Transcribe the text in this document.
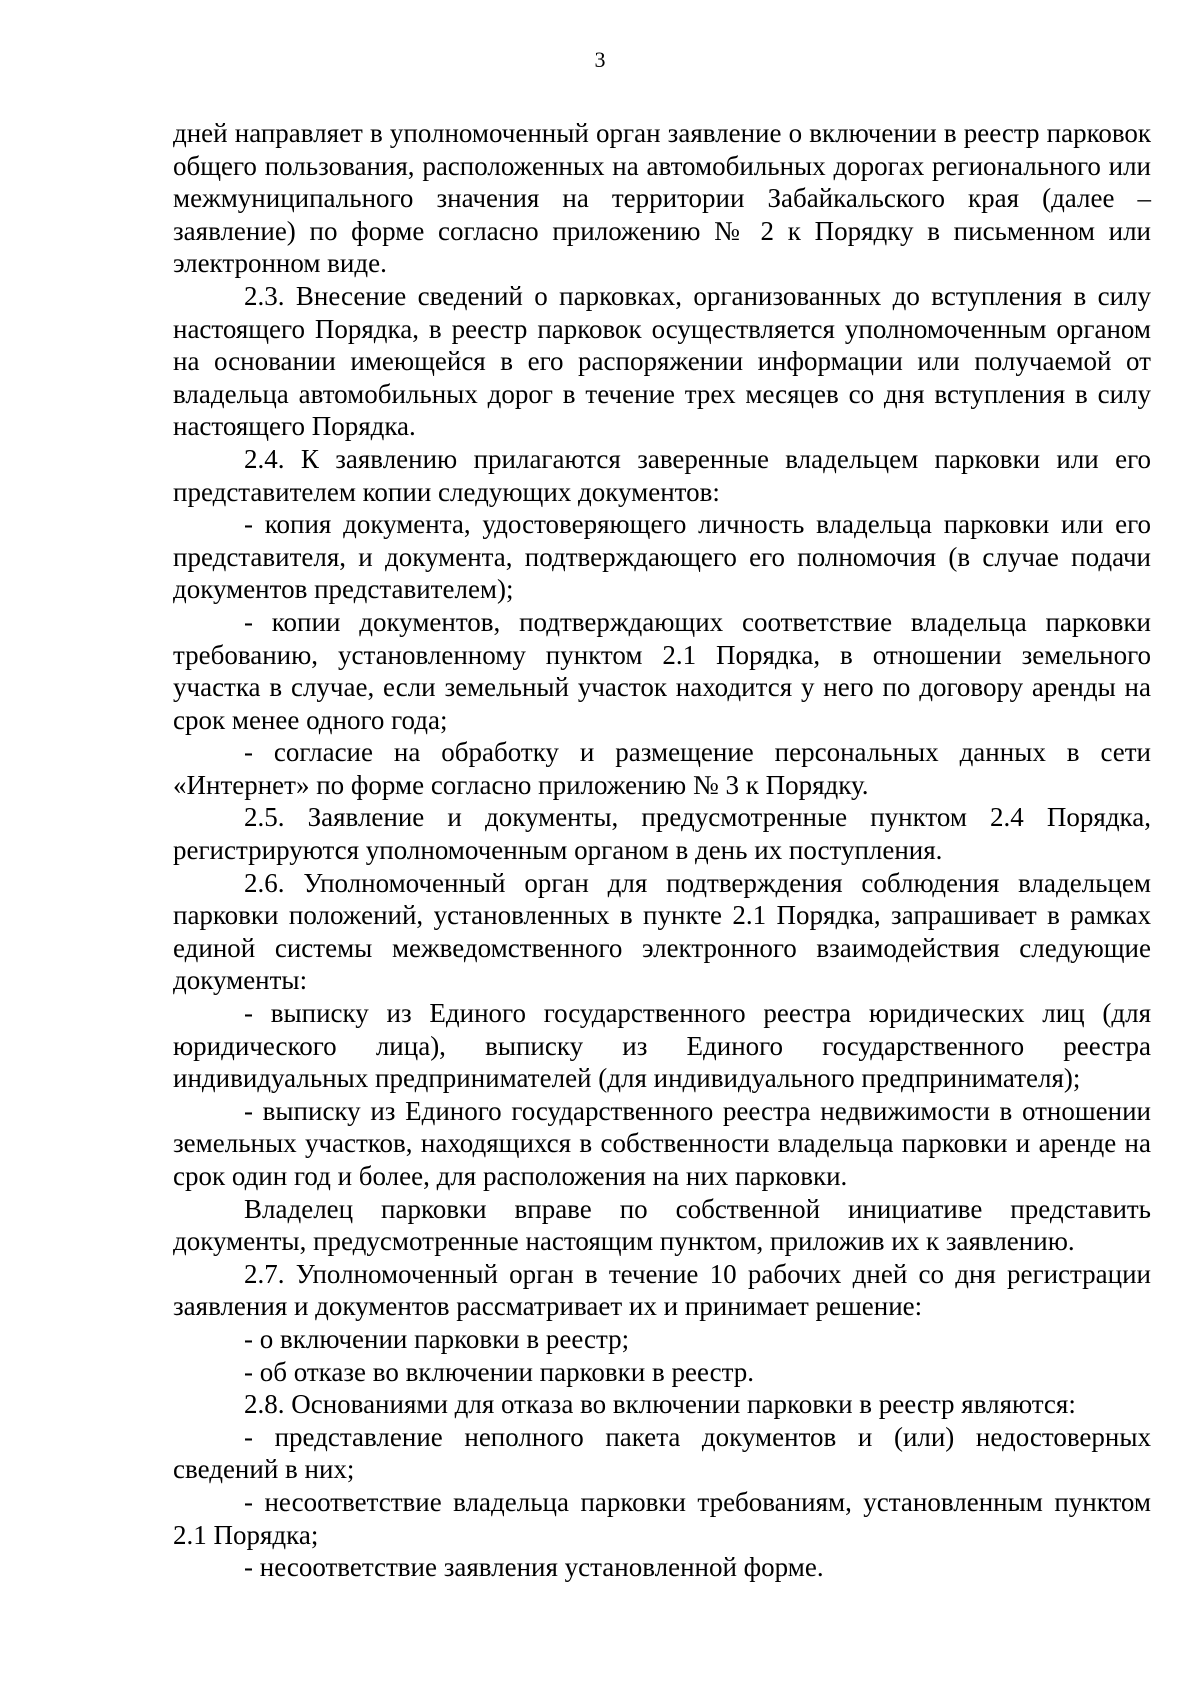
3

дней направляет в уполномоченный орган заявление о включении в реестр парковок общего пользования, расположенных на автомобильных дорогах регионального или межмуниципального значения на территории Забайкальского края (далее – заявление) по форме согласно приложению № 2 к Порядку в письменном или электронном виде.

2.3. Внесение сведений о парковках, организованных до вступления в силу настоящего Порядка, в реестр парковок осуществляется уполномоченным органом на основании имеющейся в его распоряжении информации или получаемой от владельца автомобильных дорог в течение трех месяцев со дня вступления в силу настоящего Порядка.

2.4. К заявлению прилагаются заверенные владельцем парковки или его представителем копии следующих документов:

- копия документа, удостоверяющего личность владельца парковки или его представителя, и документа, подтверждающего его полномочия (в случае подачи документов представителем);

- копии документов, подтверждающих соответствие владельца парковки требованию, установленному пунктом 2.1 Порядка, в отношении земельного участка в случае, если земельный участок находится у него по договору аренды на срок менее одного года;

- согласие на обработку и размещение персональных данных в сети «Интернет» по форме согласно приложению № 3 к Порядку.

2.5. Заявление и документы, предусмотренные пунктом 2.4 Порядка, регистрируются уполномоченным органом в день их поступления.

2.6. Уполномоченный орган для подтверждения соблюдения владельцем парковки положений, установленных в пункте 2.1 Порядка, запрашивает в рамках единой системы межведомственного электронного взаимодействия следующие документы:

- выписку из Единого государственного реестра юридических лиц (для юридического лица), выписку из Единого государственного реестра индивидуальных предпринимателей (для индивидуального предпринимателя);

- выписку из Единого государственного реестра недвижимости в отношении земельных участков, находящихся в собственности владельца парковки и аренде на срок один год и более, для расположения на них парковки.

Владелец парковки вправе по собственной инициативе представить документы, предусмотренные настоящим пунктом, приложив их к заявлению.

2.7. Уполномоченный орган в течение 10 рабочих дней со дня регистрации заявления и документов рассматривает их и принимает решение:

- о включении парковки в реестр;

- об отказе во включении парковки в реестр.

2.8. Основаниями для отказа во включении парковки в реестр являются:

- представление неполного пакета документов и (или) недостоверных сведений в них;

- несоответствие владельца парковки требованиям, установленным пунктом 2.1 Порядка;

- несоответствие заявления установленной форме.
